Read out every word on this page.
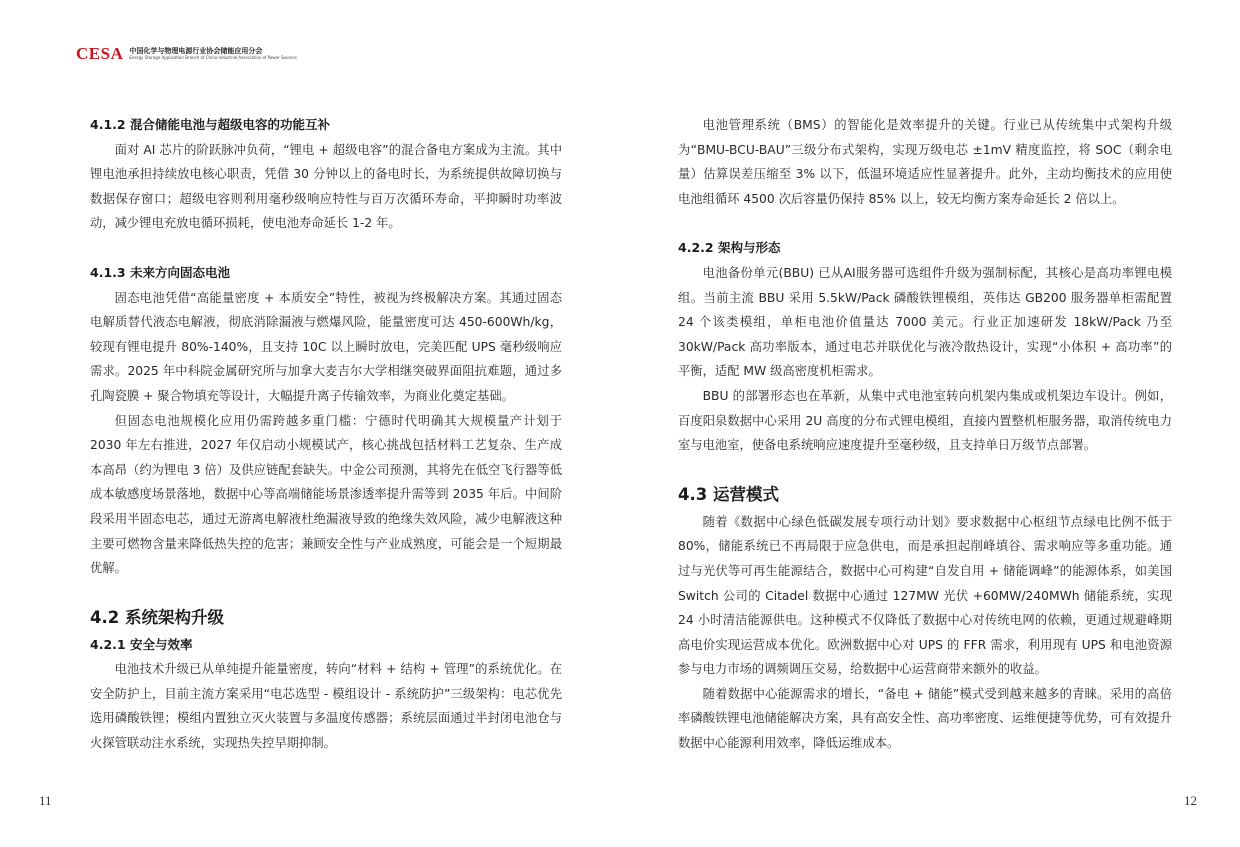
CESA 中国化学与物理电源行业协会储能应用分会
Energy Storage Application Branch of China Industrial Association of Power Sources
4.1.2 混合储能电池与超级电容的功能互补

面对 AI 芯片的阶跃脉冲负荷，“锂电 + 超级电容”的混合备电方案成为主流。其中锂电池承担持续放电核心职责，凭借 30 分钟以上的备电时长，为系统提供故障切换与数据保存窗口；超级电容则利用毫秒级响应特性与百万次循环寿命，平抑瞬时功率波动，减少锂电充放电循环损耗，使电池寿命延长 1-2 年。

4.1.3 未来方向固态电池

固态电池凭借“高能量密度 + 本质安全”特性，被视为终极解决方案。其通过固态电解质替代液态电解液，彻底消除漏液与燃爆风险，能量密度可达 450-600Wh/kg，较现有锂电提升 80%-140%，且支持 10C 以上瞬时放电，完美匹配 UPS 毫秒级响应需求。2025 年中科院金属研究所与加拿大麦吉尔大学相继突破界面阻抗难题，通过多孔陶瓷膜 + 聚合物填充等设计，大幅提升离子传输效率，为商业化奠定基础。

但固态电池规模化应用仍需跨越多重门槛：宁德时代明确其大规模量产计划于 2030 年左右推进，2027 年仅启动小规模试产，核心挑战包括材料工艺复杂、生产成本高昂（约为锂电 3 倍）及供应链配套缺失。中金公司预测，其将先在低空飞行器等低成本敏感度场景落地，数据中心等高端储能场景渗透率提升需等到 2035 年后。中间阶段采用半固态电芯，通过无游离电解液杜绝漏液导致的绝缘失效风险，减少电解液这种主要可燃物含量来降低热失控的危害；兼顾安全性与产业成熟度，可能会是一个短期最优解。

4.2 系统架构升级
4.2.1 安全与效率

电池技术升级已从单纯提升能量密度，转向“材料 + 结构 + 管理”的系统优化。在安全防护上，目前主流方案采用“电芯选型 - 模组设计 - 系统防护”三级架构：电芯优先选用磷酸铁锂；模组内置独立灭火装置与多温度传感器；系统层面通过半封闭电池仓与火探管联动注水系统，实现热失控早期抑制。

电池管理系统（BMS）的智能化是效率提升的关键。行业已从传统集中式架构升级为“BMU-BCU-BAU”三级分布式架构，实现万级电芯 ±1mV 精度监控，将 SOC（剩余电量）估算误差压缩至 3% 以下，低温环境适应性显著提升。此外，主动均衡技术的应用使电池组循环 4500 次后容量仍保持 85% 以上，较无均衡方案寿命延长 2 倍以上。

4.2.2 架构与形态

电池备份单元(BBU) 已从AI服务器可选组件升级为强制标配，其核心是高功率锂电模组。当前主流 BBU 采用 5.5kW/Pack 磷酸铁锂模组，英伟达 GB200 服务器单柜需配置 24 个该类模组，单柜电池价值量达 7000 美元。行业正加速研发 18kW/Pack 乃至 30kW/Pack 高功率版本，通过电芯并联优化与液冷散热设计，实现“小体积 + 高功率”的平衡，适配 MW 级高密度机柜需求。

BBU 的部署形态也在革新，从集中式电池室转向机架内集成或机架边车设计。例如，百度阳泉数据中心采用 2U 高度的分布式锂电模组，直接内置整机柜服务器，取消传统电力室与电池室，使备电系统响应速度提升至毫秒级，且支持单日万级节点部署。

4.3 运营模式

随着《数据中心绿色低碳发展专项行动计划》要求数据中心枢纽节点绿电比例不低于 80%，储能系统已不再局限于应急供电，而是承担起削峰填谷、需求响应等多重功能。通过与光伏等可再生能源结合，数据中心可构建“自发自用 + 储能调峰”的能源体系，如美国 Switch 公司的 Citadel 数据中心通过 127MW 光伏 +60MW/240MWh 储能系统，实现 24 小时清洁能源供电。这种模式不仅降低了数据中心对传统电网的依赖，更通过规避峰期高电价实现运营成本优化。欧洲数据中心对 UPS 的 FFR 需求，利用现有 UPS 和电池资源参与电力市场的调频调压交易，给数据中心运营商带来额外的收益。

随着数据中心能源需求的增长，“备电 + 储能”模式受到越来越多的青睐。采用的高倍率磷酸铁锂电池储能解决方案，具有高安全性、高功率密度、运维便捷等优势，可有效提升数据中心能源利用效率，降低运维成本。

11	12
